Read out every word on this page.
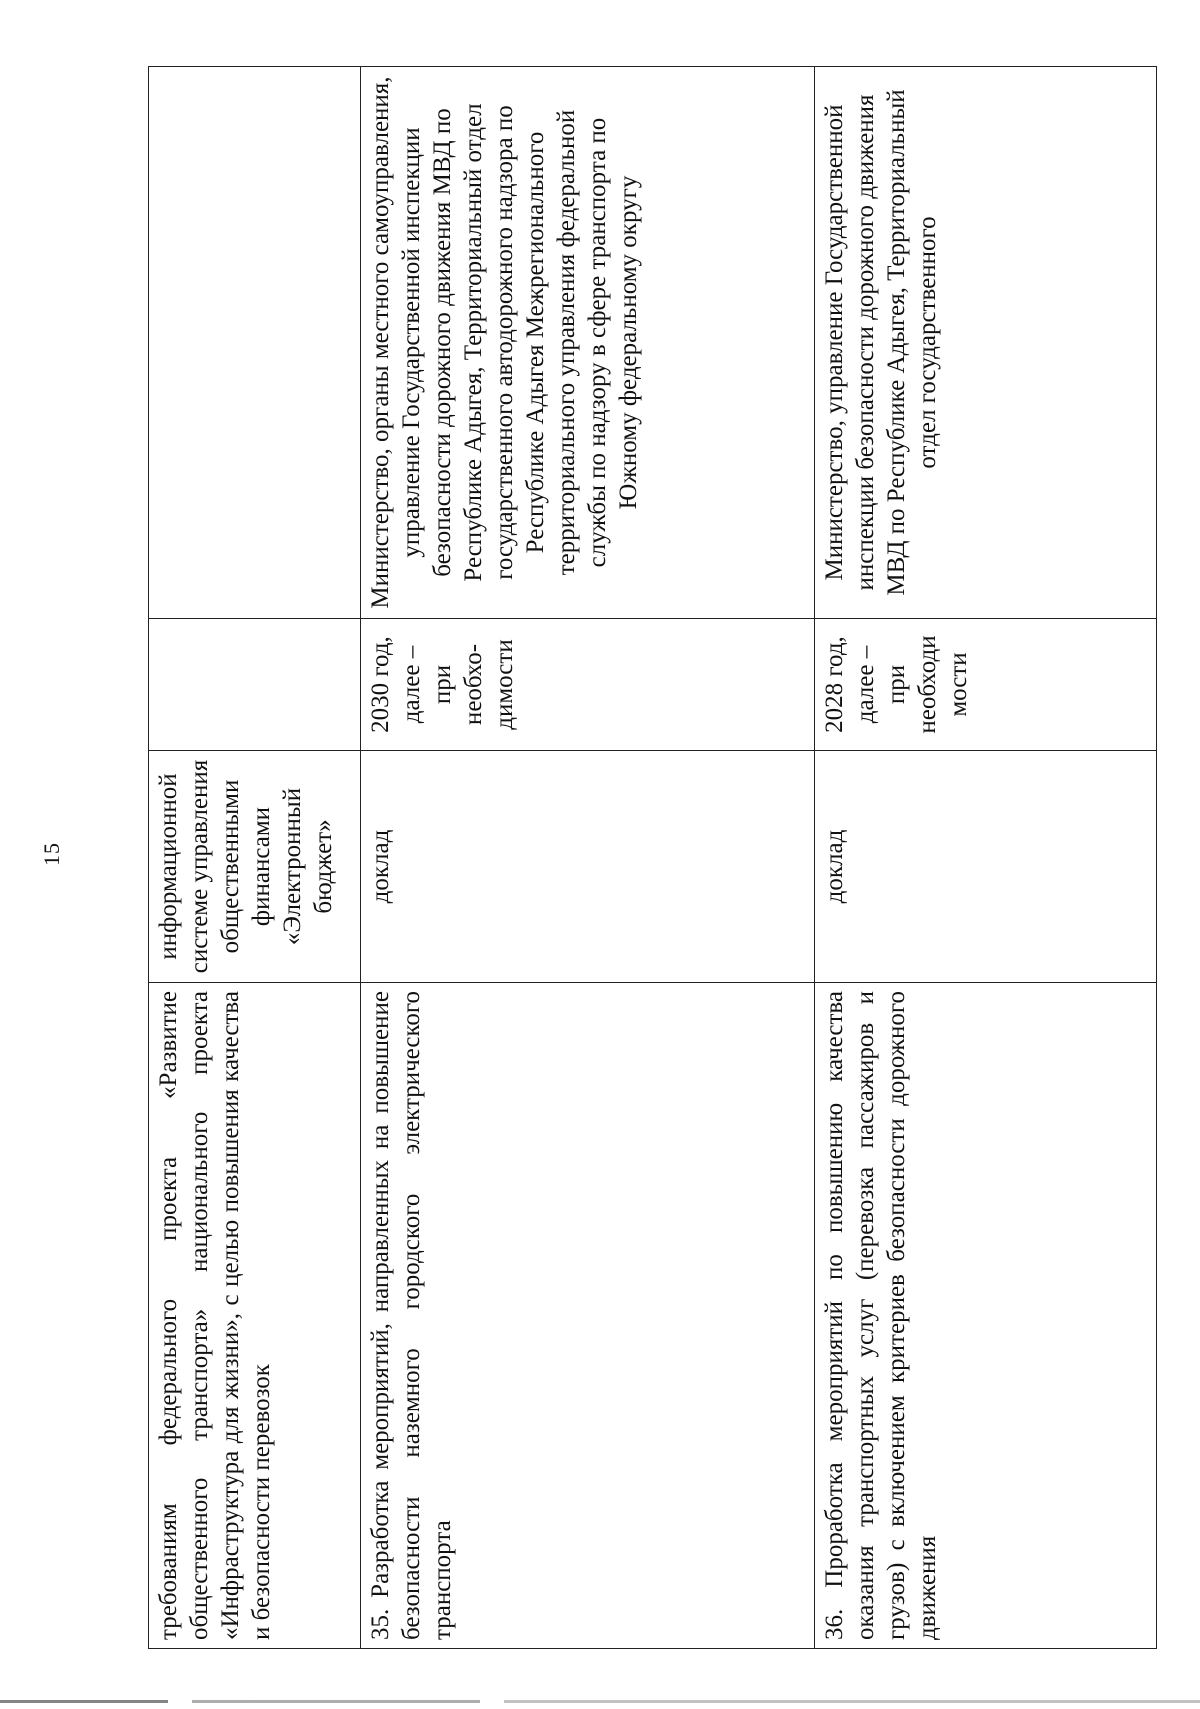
15
требованиям федерального проекта «Развитие общественного транспорта» национального проекта «Инфраструктура для жизни», с целью повышения качества и безопасности перевозок	информационной системе управления общественными финансами «Электронный бюджет»		

35. Разработка мероприятий, направленных на повышение безопасности наземного городского электрического транспорта	доклад	2030 год, далее – при необхо-димости	Министерство, органы местного самоуправления, управление Государственной инспекции безопасности дорожного движения МВД по Республике Адыгея, Территориальный отдел государственного автодорожного надзора по Республике Адыгея Межрегионального территориального управления федеральной службы по надзору в сфере транспорта по Южному федеральному округу

36. Проработка мероприятий по повышению качества оказания транспортных услуг (перевозка пассажиров и грузов) с включением критериев безопасности дорожного движения	доклад	2028 год, далее – при необходи мости	Министерство, управление Государственной инспекции безопасности дорожного движения МВД по Республике Адыгея, Территориальный отдел государственного
